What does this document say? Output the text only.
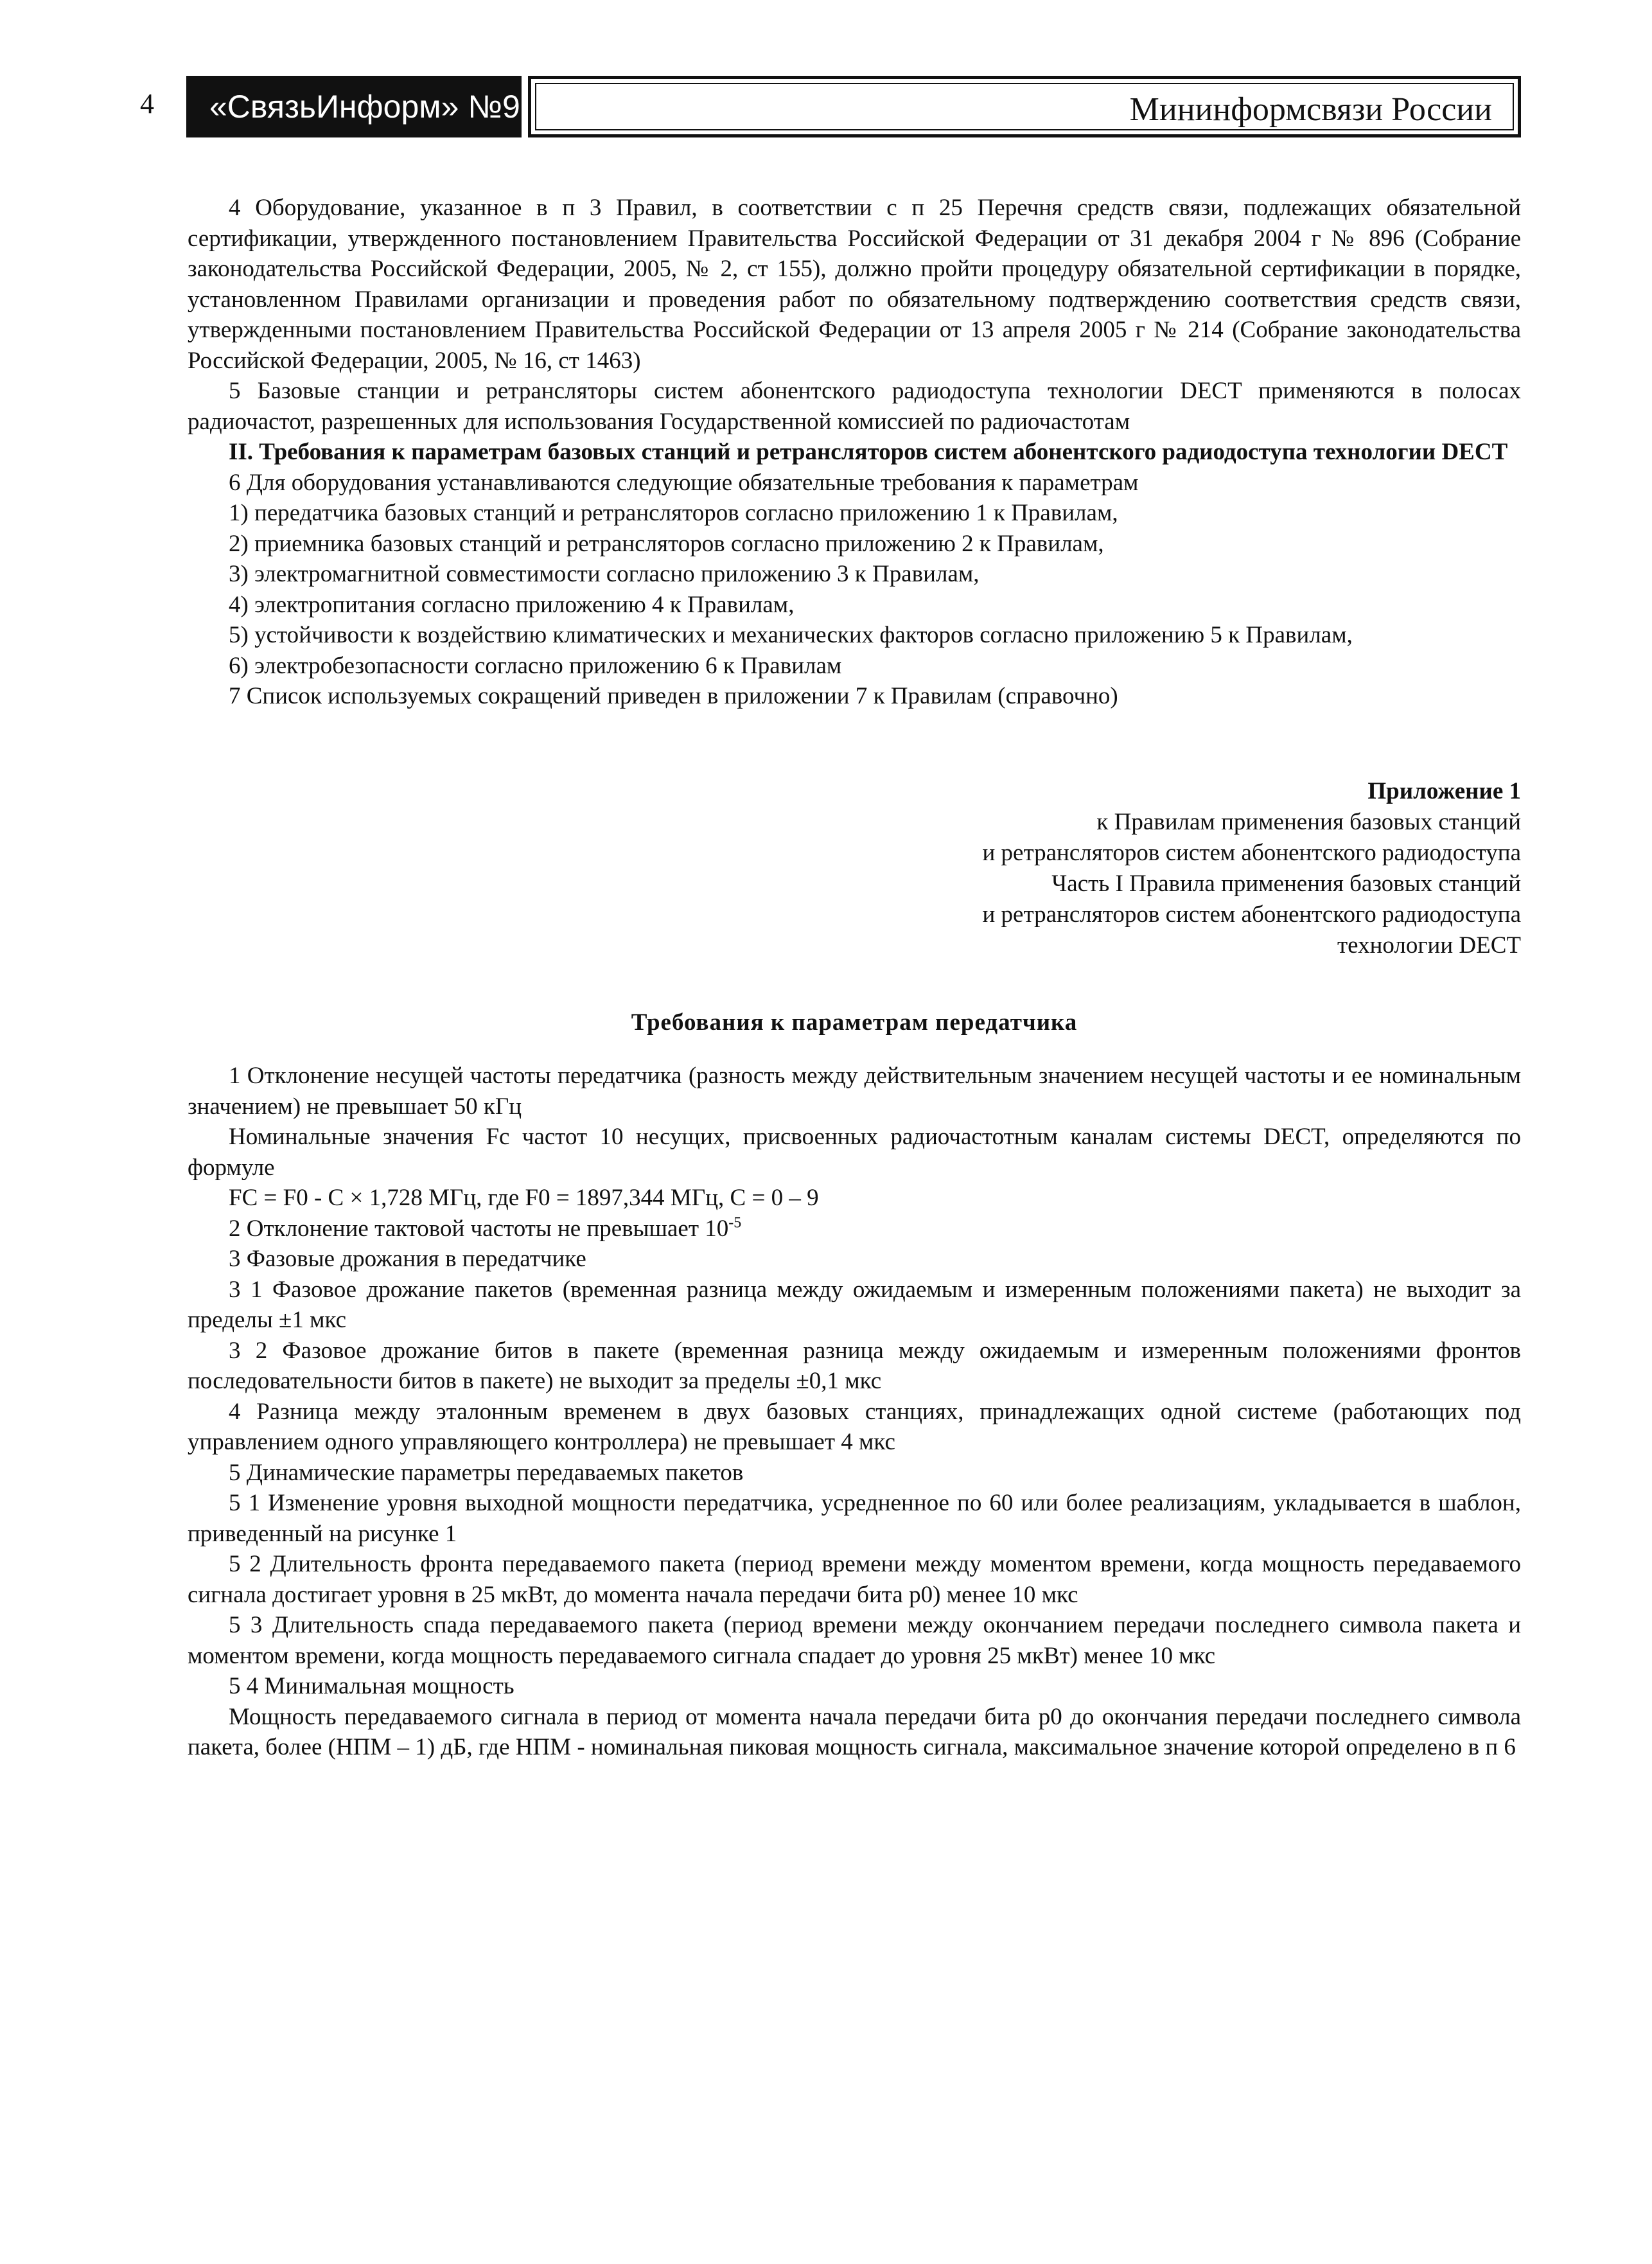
4	«СвязьИнформ» №9	Мининформсвязи России

4 Оборудование, указанное в п 3 Правил, в соответствии с п 25 Перечня средств связи, подлежащих обязательной сертификации, утвержденного постановлением Правительства Российской Федерации от 31 декабря 2004 г № 896 (Собрание законодательства Российской Федерации, 2005, № 2, ст 155), должно пройти процедуру обязательной сертификации в порядке, установленном Правилами организации и проведения работ по обязательному подтверждению соответствия средств связи, утвержденными постановлением Правительства Российской Федерации от 13 апреля 2005 г № 214 (Собрание законодательства Российской Федерации, 2005, № 16, ст 1463)

5 Базовые станции и ретрансляторы систем абонентского радиодоступа технологии DECT применяются в полосах радиочастот, разрешенных для использования Государственной комиссией по радиочастотам

II. Требования к параметрам базовых станций и ретрансляторов систем абонентского радиодоступа технологии DECT

6 Для оборудования устанавливаются следующие обязательные требования к параметрам

1) передатчика базовых станций и ретрансляторов согласно приложению 1 к Правилам,

2) приемника базовых станций и ретрансляторов согласно приложению 2 к Правилам,

3) электромагнитной совместимости согласно приложению 3 к Правилам,

4) электропитания согласно приложению 4 к Правилам,

5) устойчивости к воздействию климатических и механических факторов согласно приложению 5 к Правилам,

6) электробезопасности согласно приложению 6 к Правилам

7 Список используемых сокращений приведен в приложении 7 к Правилам (справочно)

Приложение 1
к Правилам применения базовых станций
и ретрансляторов систем абонентского радиодоступа
Часть I Правила применения базовых станций
и ретрансляторов систем абонентского радиодоступа
технологии DECT
Требования к параметрам передатчика

1 Отклонение несущей частоты передатчика (разность между действительным значением несущей частоты и ее номинальным значением) не превышает 50 кГц

Номинальные значения Fc частот 10 несущих, присвоенных радиочастотным каналам системы DECT, определяются по формуле

FC = F0 - C × 1,728 МГц, где F0 = 1897,344 МГц, C = 0 – 9

2 Отклонение тактовой частоты не превышает $10^{-5}$

3 Фазовые дрожания в передатчике

3 1 Фазовое дрожание пакетов (временная разница между ожидаемым и измеренным положениями пакета) не выходит за пределы ±1 мкс

3 2 Фазовое дрожание битов в пакете (временная разница между ожидаемым и измеренным положениями фронтов последовательности битов в пакете) не выходит за пределы ±0,1 мкс

4 Разница между эталонным временем в двух базовых станциях, принадлежащих одной системе (работающих под управлением одного управляющего контроллера) не превышает 4 мкс

5 Динамические параметры передаваемых пакетов

5 1 Изменение уровня выходной мощности передатчика, усредненное по 60 или более реализациям, укладывается в шаблон, приведенный на рисунке 1

5 2 Длительность фронта передаваемого пакета (период времени между моментом времени, когда мощность передаваемого сигнала достигает уровня в 25 мкВт, до момента начала передачи бита р0) менее 10 мкс

5 3 Длительность спада передаваемого пакета (период времени между окончанием передачи последнего символа пакета и моментом времени, когда мощность передаваемого сигнала спадает до уровня 25 мкВт) менее 10 мкс

5 4 Минимальная мощность

Мощность передаваемого сигнала в период от момента начала передачи бита р0 до окончания передачи последнего символа пакета, более (НПМ – 1) дБ, где НПМ - номинальная пиковая мощность сигнала, максимальное значение которой определено в п 6
